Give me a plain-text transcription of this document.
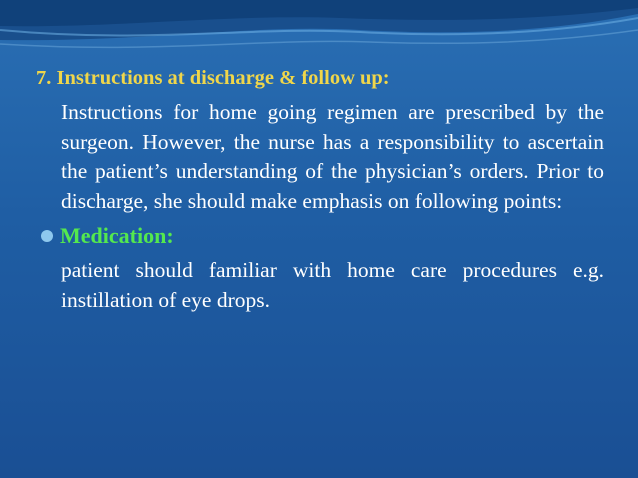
7. Instructions at discharge & follow up:

Instructions for home going regimen are prescribed by the surgeon. However, the nurse has a responsibility to ascertain the patient’s understanding of the physician’s orders. Prior to discharge, she should make emphasis on following points:

Medication:

patient should familiar with home care procedures e.g. instillation of eye drops.
